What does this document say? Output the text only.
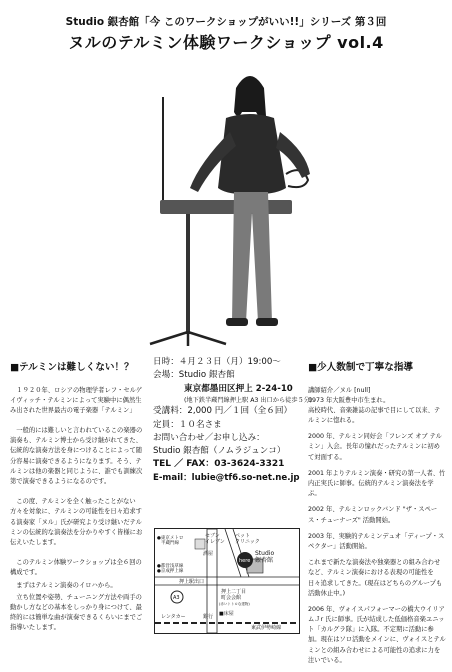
Studio 銀杏館「今 このワークショップがいい!!」シリーズ 第３回
ヌルのテルミン体験ワークショップ vol.4
■テルミンは難しくない！？

１９２０年、ロシアの物理学者レフ・セルゲイヴィッチ・テルミンによって実験中に偶然生み出された世界最古の電子楽器「テルミン」

一般的には難しいと言われているこの楽器の演奏も、テルミン博士から受け継がれてきた、伝統的な演奏方法を身につけることによって随分容易に演奏できるようになります。そう、テルミンは他の楽器と同じように、誰でも訓練次第で演奏できるようになるのです。

この度、テルミンを全く触ったことがない方々を対象に、テルミンの可能性を日々追求する演奏家「ヌル」氏が研究より受け継いだテルミンの伝統的な演奏法を分かりやすく皆様にお伝えいたします。

このテルミン体験ワークショップは全６回の構成です。

まずはテルミン演奏のイロハから。

立ち位置や姿勢、チューニング方法や両手の動かし方などの基本をしっかり身につけて、最終的には簡単な曲が演奏できるくらいにまでご指導いたします。

日時：４月２３日（月）19:00～
会場：Studio 銀杏館
東京都墨田区押上 2-24-10
(地下鉄半蔵門線押上駅 A3 出口から徒歩５分)
受講料：2,000 円／１回（全６回）
定員：１０名さま
お問い合わせ／お申し込み：
Studio 銀杏館（ノムラジュンコ）
TEL ／ FAX：03-3624-3321
E-mail：lubie@tf6.so-net.ne.jp
セブンイレブン
ペットクリニック
酒屋
here
Studio 銀杏館
●東京メトロ半蔵門線
●都営浅草線●京成押上線
押上駅出口
A3
押上二丁目町会会館
(赤いトトロな建物)
■床屋
レンタカー	銀行
東武伊勢崎線
■少人数制で丁寧な指導

講師紹介／ヌル [null]

1973 年大阪豊中市生まれ。

高校時代、音楽雑誌の記事で目にして以来、テルミンに惚れる。

2000 年、テルミン同好会「フレンズ オブ テルミン」入会。長年の憧れだったテルミンに初めて対面する。

2001 年よりテルミン演奏・研究の第一人者、竹内正実氏に師事。伝統的テルミン演奏法を学ぶ。

2002 年、テルミンロックバンド "ザ・スペース・チューナーズ" 活動開始。

2003 年、実験的テルミンデュオ「ディープ・スペクター」活動開始。

これまで新たな演奏法や独楽器との組み合わせなど、テルミン演奏における表現の可能性を日々追求してきた。(現在はどちらのグループも活動休止中。)

2006 年、ヴォイスパフォーマーの橋大ウイリアムＪr 氏に師事。氏が結成した低価格音楽ユニット「カルグラ隊」に入隊。不定期に活動に参加。現在はソロ活動をメインに、ヴォイスとテルミンとの組み合わせによる可能性の追求に力を注いでいる。
